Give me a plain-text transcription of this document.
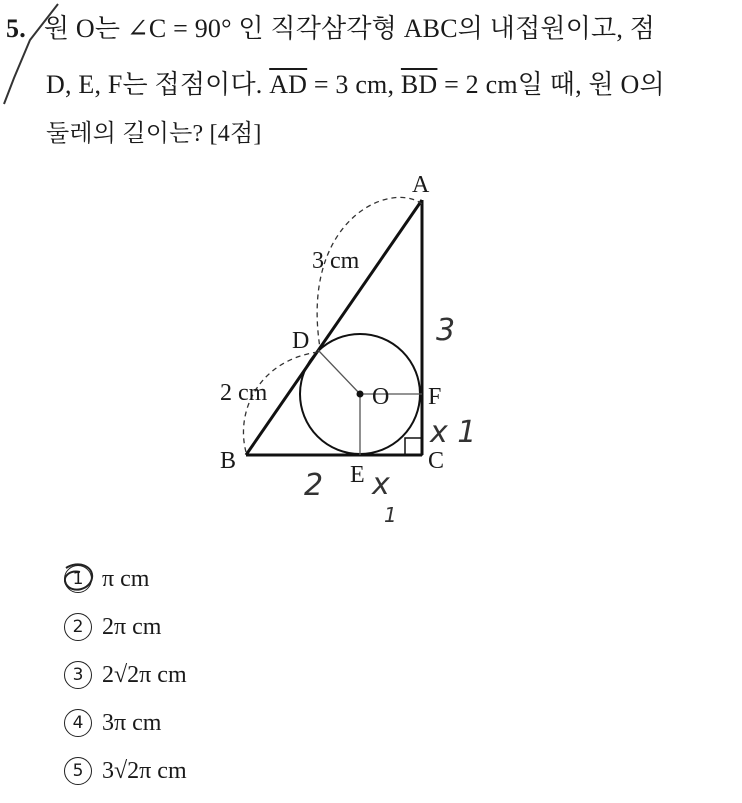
5. 원 O는 ∠C = 90° 인 직각삼각형 ABC의 내접원이고, 점
D, E, F는 접점이다. $\overline{AD} = 3$ cm, $\overline{BD} = 2$ cm일 때, 원 O의
둘레의 길이는? [4점]
A
B	C
D
E
F
O
3 cm
2 cm
3
x 1
2 x
1
1 π cm
2 2π cm
3 2√2π cm
4 3π cm
5 3√2π cm
